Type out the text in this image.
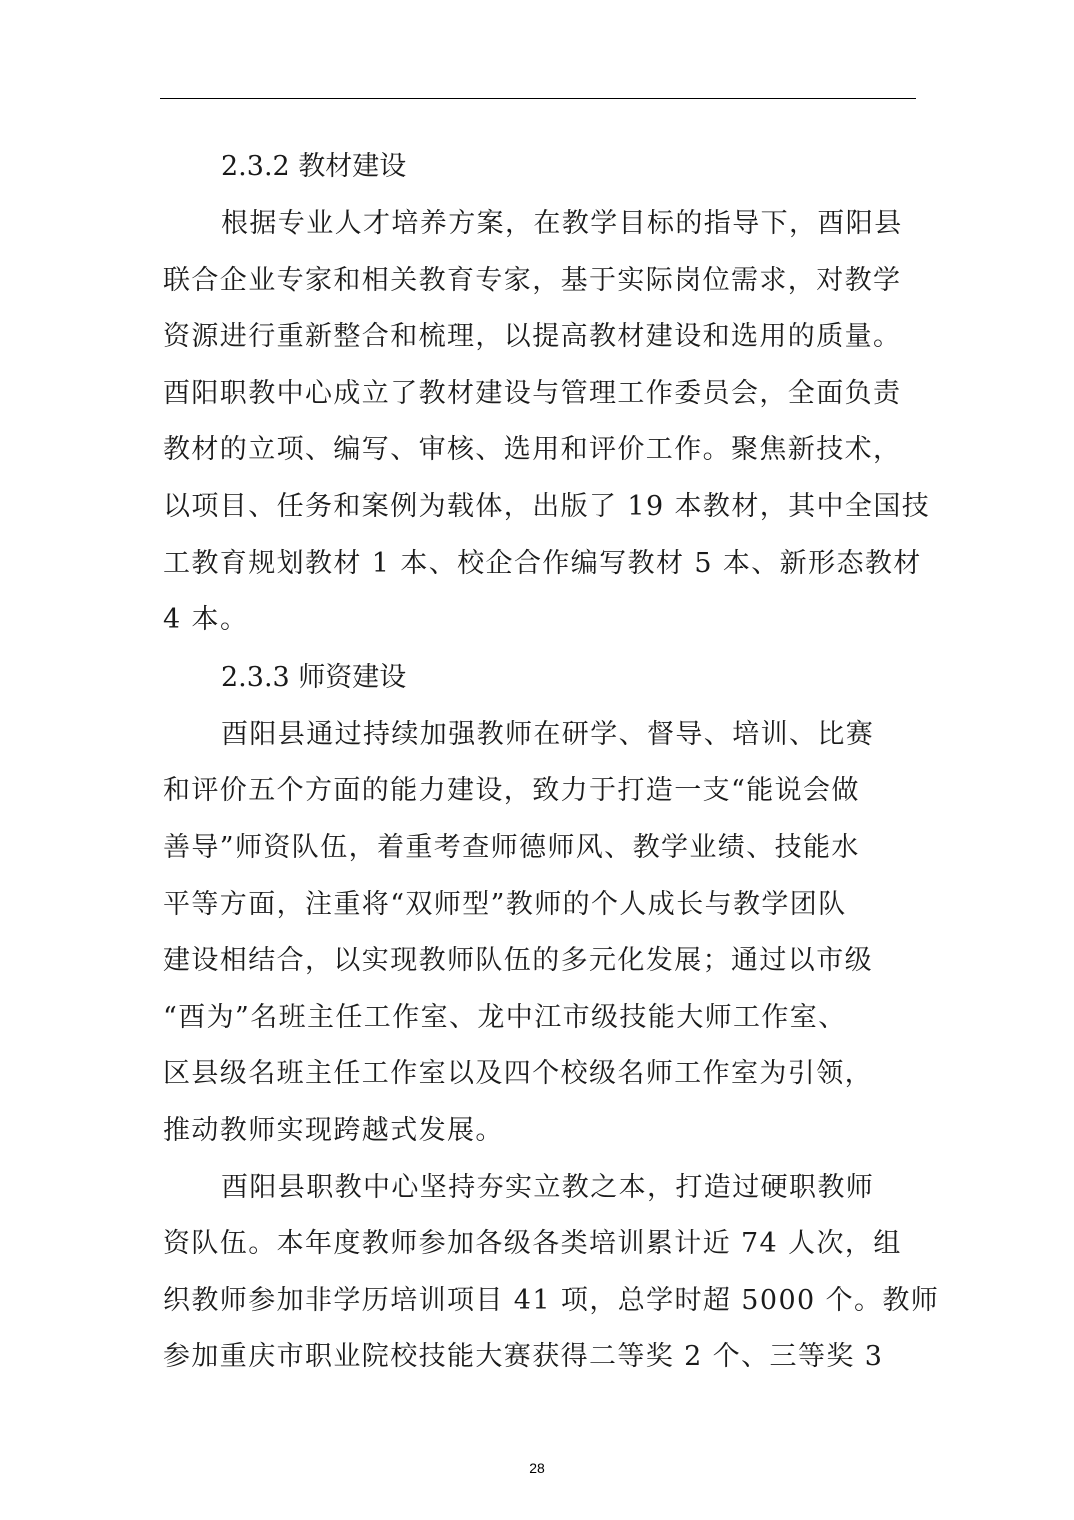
2.3.2 教材建设

根据专业人才培养方案，在教学目标的指导下，酉阳县
联合企业专家和相关教育专家，基于实际岗位需求，对教学
资源进行重新整合和梳理，以提高教材建设和选用的质量。
酉阳职教中心成立了教材建设与管理工作委员会，全面负责
教材的立项、编写、审核、选用和评价工作。聚焦新技术，
以项目、任务和案例为载体，出版了 19 本教材，其中全国技
工教育规划教材 1 本、校企合作编写教材 5 本、新形态教材
4 本。

2.3.3 师资建设

酉阳县通过持续加强教师在研学、督导、培训、比赛
和评价五个方面的能力建设，致力于打造一支“能说会做
善导”师资队伍，着重考查师德师风、教学业绩、技能水
平等方面，注重将“双师型”教师的个人成长与教学团队
建设相结合，以实现教师队伍的多元化发展；通过以市级
“酉为”名班主任工作室、龙中江市级技能大师工作室、
区县级名班主任工作室以及四个校级名师工作室为引领，
推动教师实现跨越式发展。

酉阳县职教中心坚持夯实立教之本，打造过硬职教师
资队伍。本年度教师参加各级各类培训累计近 74 人次，组
织教师参加非学历培训项目 41 项，总学时超 5000 个。教师
参加重庆市职业院校技能大赛获得二等奖 2 个、三等奖 3

28
